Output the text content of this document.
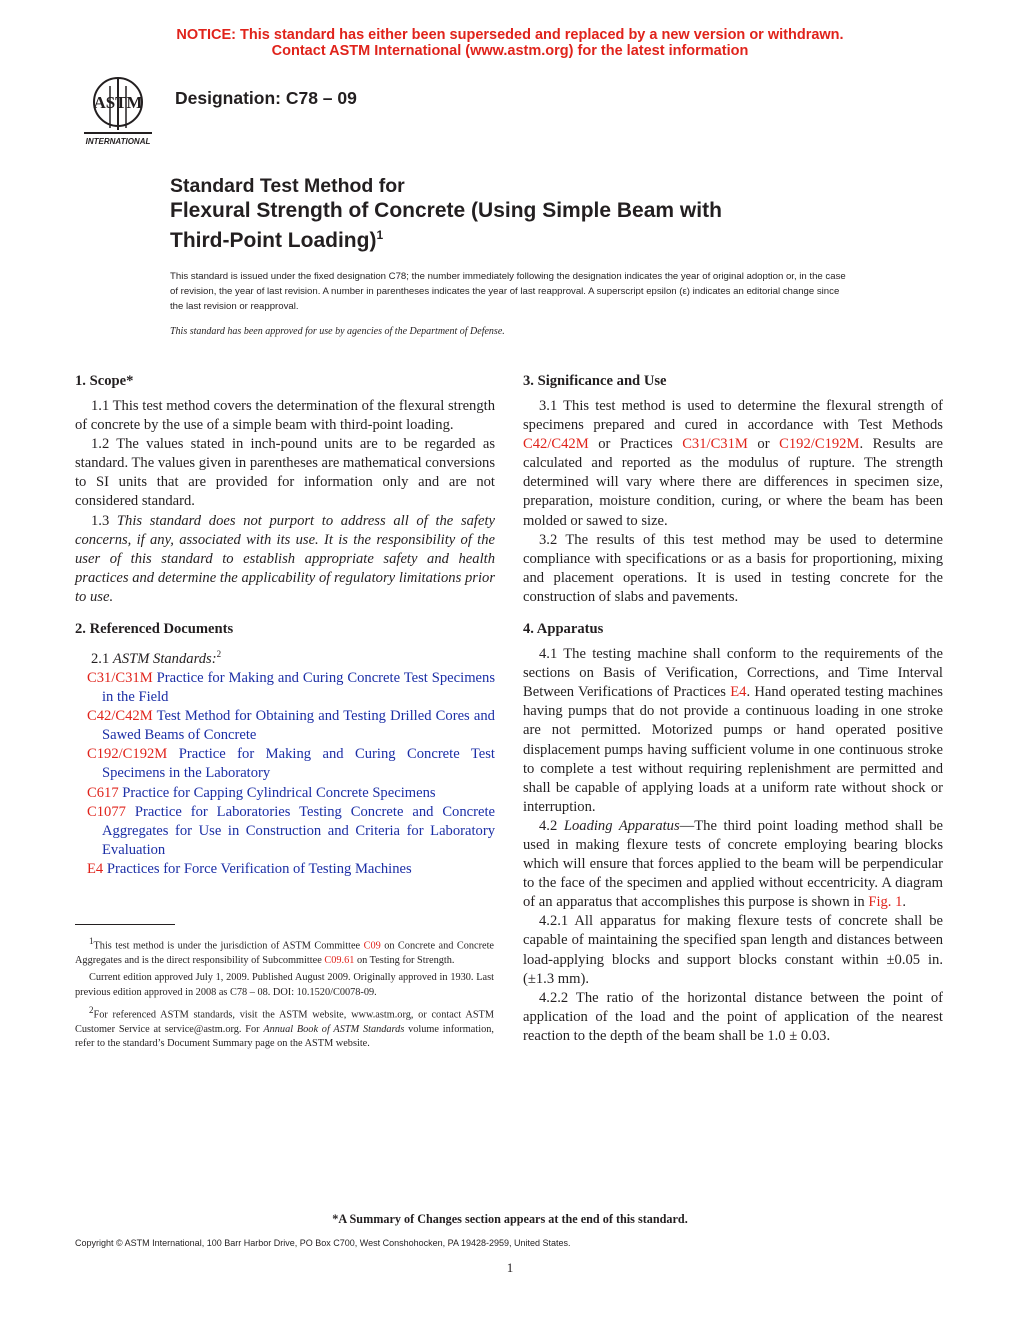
NOTICE: This standard has either been superseded and replaced by a new version or withdrawn.
Contact ASTM International (www.astm.org) for the latest information
ASTM
INTERNATIONAL
Designation: C78 – 09
Standard Test Method for
Flexural Strength of Concrete (Using Simple Beam with
Third-Point Loading)$^1$
This standard is issued under the fixed designation C78; the number immediately following the designation indicates the year of original adoption or, in the case of revision, the year of last revision. A number in parentheses indicates the year of last reapproval. A superscript epsilon (ε) indicates an editorial change since the last revision or reapproval.
This standard has been approved for use by agencies of the Department of Defense.
1. Scope*

1.1 This test method covers the determination of the flexural strength of concrete by the use of a simple beam with third-point loading.

1.2 The values stated in inch-pound units are to be regarded as standard. The values given in parentheses are mathematical conversions to SI units that are provided for information only and are not considered standard.

1.3 This standard does not purport to address all of the safety concerns, if any, associated with its use. It is the responsibility of the user of this standard to establish appropriate safety and health practices and determine the applicability of regulatory limitations prior to use.

2. Referenced Documents

2.1 ASTM Standards:$^2$

C31/C31M Practice for Making and Curing Concrete Test Specimens in the Field
C42/C42M Test Method for Obtaining and Testing Drilled Cores and Sawed Beams of Concrete
C192/C192M Practice for Making and Curing Concrete Test Specimens in the Laboratory
C617 Practice for Capping Cylindrical Concrete Specimens
C1077 Practice for Laboratories Testing Concrete and Concrete Aggregates for Use in Construction and Criteria for Laboratory Evaluation
E4 Practices for Force Verification of Testing Machines
3. Significance and Use

3.1 This test method is used to determine the flexural strength of specimens prepared and cured in accordance with Test Methods C42/C42M or Practices C31/C31M or C192/C192M. Results are calculated and reported as the modulus of rupture. The strength determined will vary where there are differences in specimen size, preparation, moisture condition, curing, or where the beam has been molded or sawed to size.

3.2 The results of this test method may be used to determine compliance with specifications or as a basis for proportioning, mixing and placement operations. It is used in testing concrete for the construction of slabs and pavements.

4. Apparatus

4.1 The testing machine shall conform to the requirements of the sections on Basis of Verification, Corrections, and Time Interval Between Verifications of Practices E4. Hand operated testing machines having pumps that do not provide a continuous loading in one stroke are not permitted. Motorized pumps or hand operated positive displacement pumps having sufficient volume in one continuous stroke to complete a test without requiring replenishment are permitted and shall be capable of applying loads at a uniform rate without shock or interruption.

4.2 Loading Apparatus—The third point loading method shall be used in making flexure tests of concrete employing bearing blocks which will ensure that forces applied to the beam will be perpendicular to the face of the specimen and applied without eccentricity. A diagram of an apparatus that accomplishes this purpose is shown in Fig. 1.

4.2.1 All apparatus for making flexure tests of concrete shall be capable of maintaining the specified span length and distances between load-applying blocks and support blocks constant within ±0.05 in. (±1.3 mm).

4.2.2 The ratio of the horizontal distance between the point of application of the load and the point of application of the nearest reaction to the depth of the beam shall be 1.0 ± 0.03.

$^1$This test method is under the jurisdiction of ASTM Committee C09 on Concrete and Concrete Aggregates and is the direct responsibility of Subcommittee C09.61 on Testing for Strength.

Current edition approved July 1, 2009. Published August 2009. Originally approved in 1930. Last previous edition approved in 2008 as C78 – 08. DOI: 10.1520/C0078-09.

$^2$For referenced ASTM standards, visit the ASTM website, www.astm.org, or contact ASTM Customer Service at service@astm.org. For Annual Book of ASTM Standards volume information, refer to the standard’s Document Summary page on the ASTM website.

*A Summary of Changes section appears at the end of this standard.
Copyright © ASTM International, 100 Barr Harbor Drive, PO Box C700, West Conshohocken, PA 19428-2959, United States.
1
